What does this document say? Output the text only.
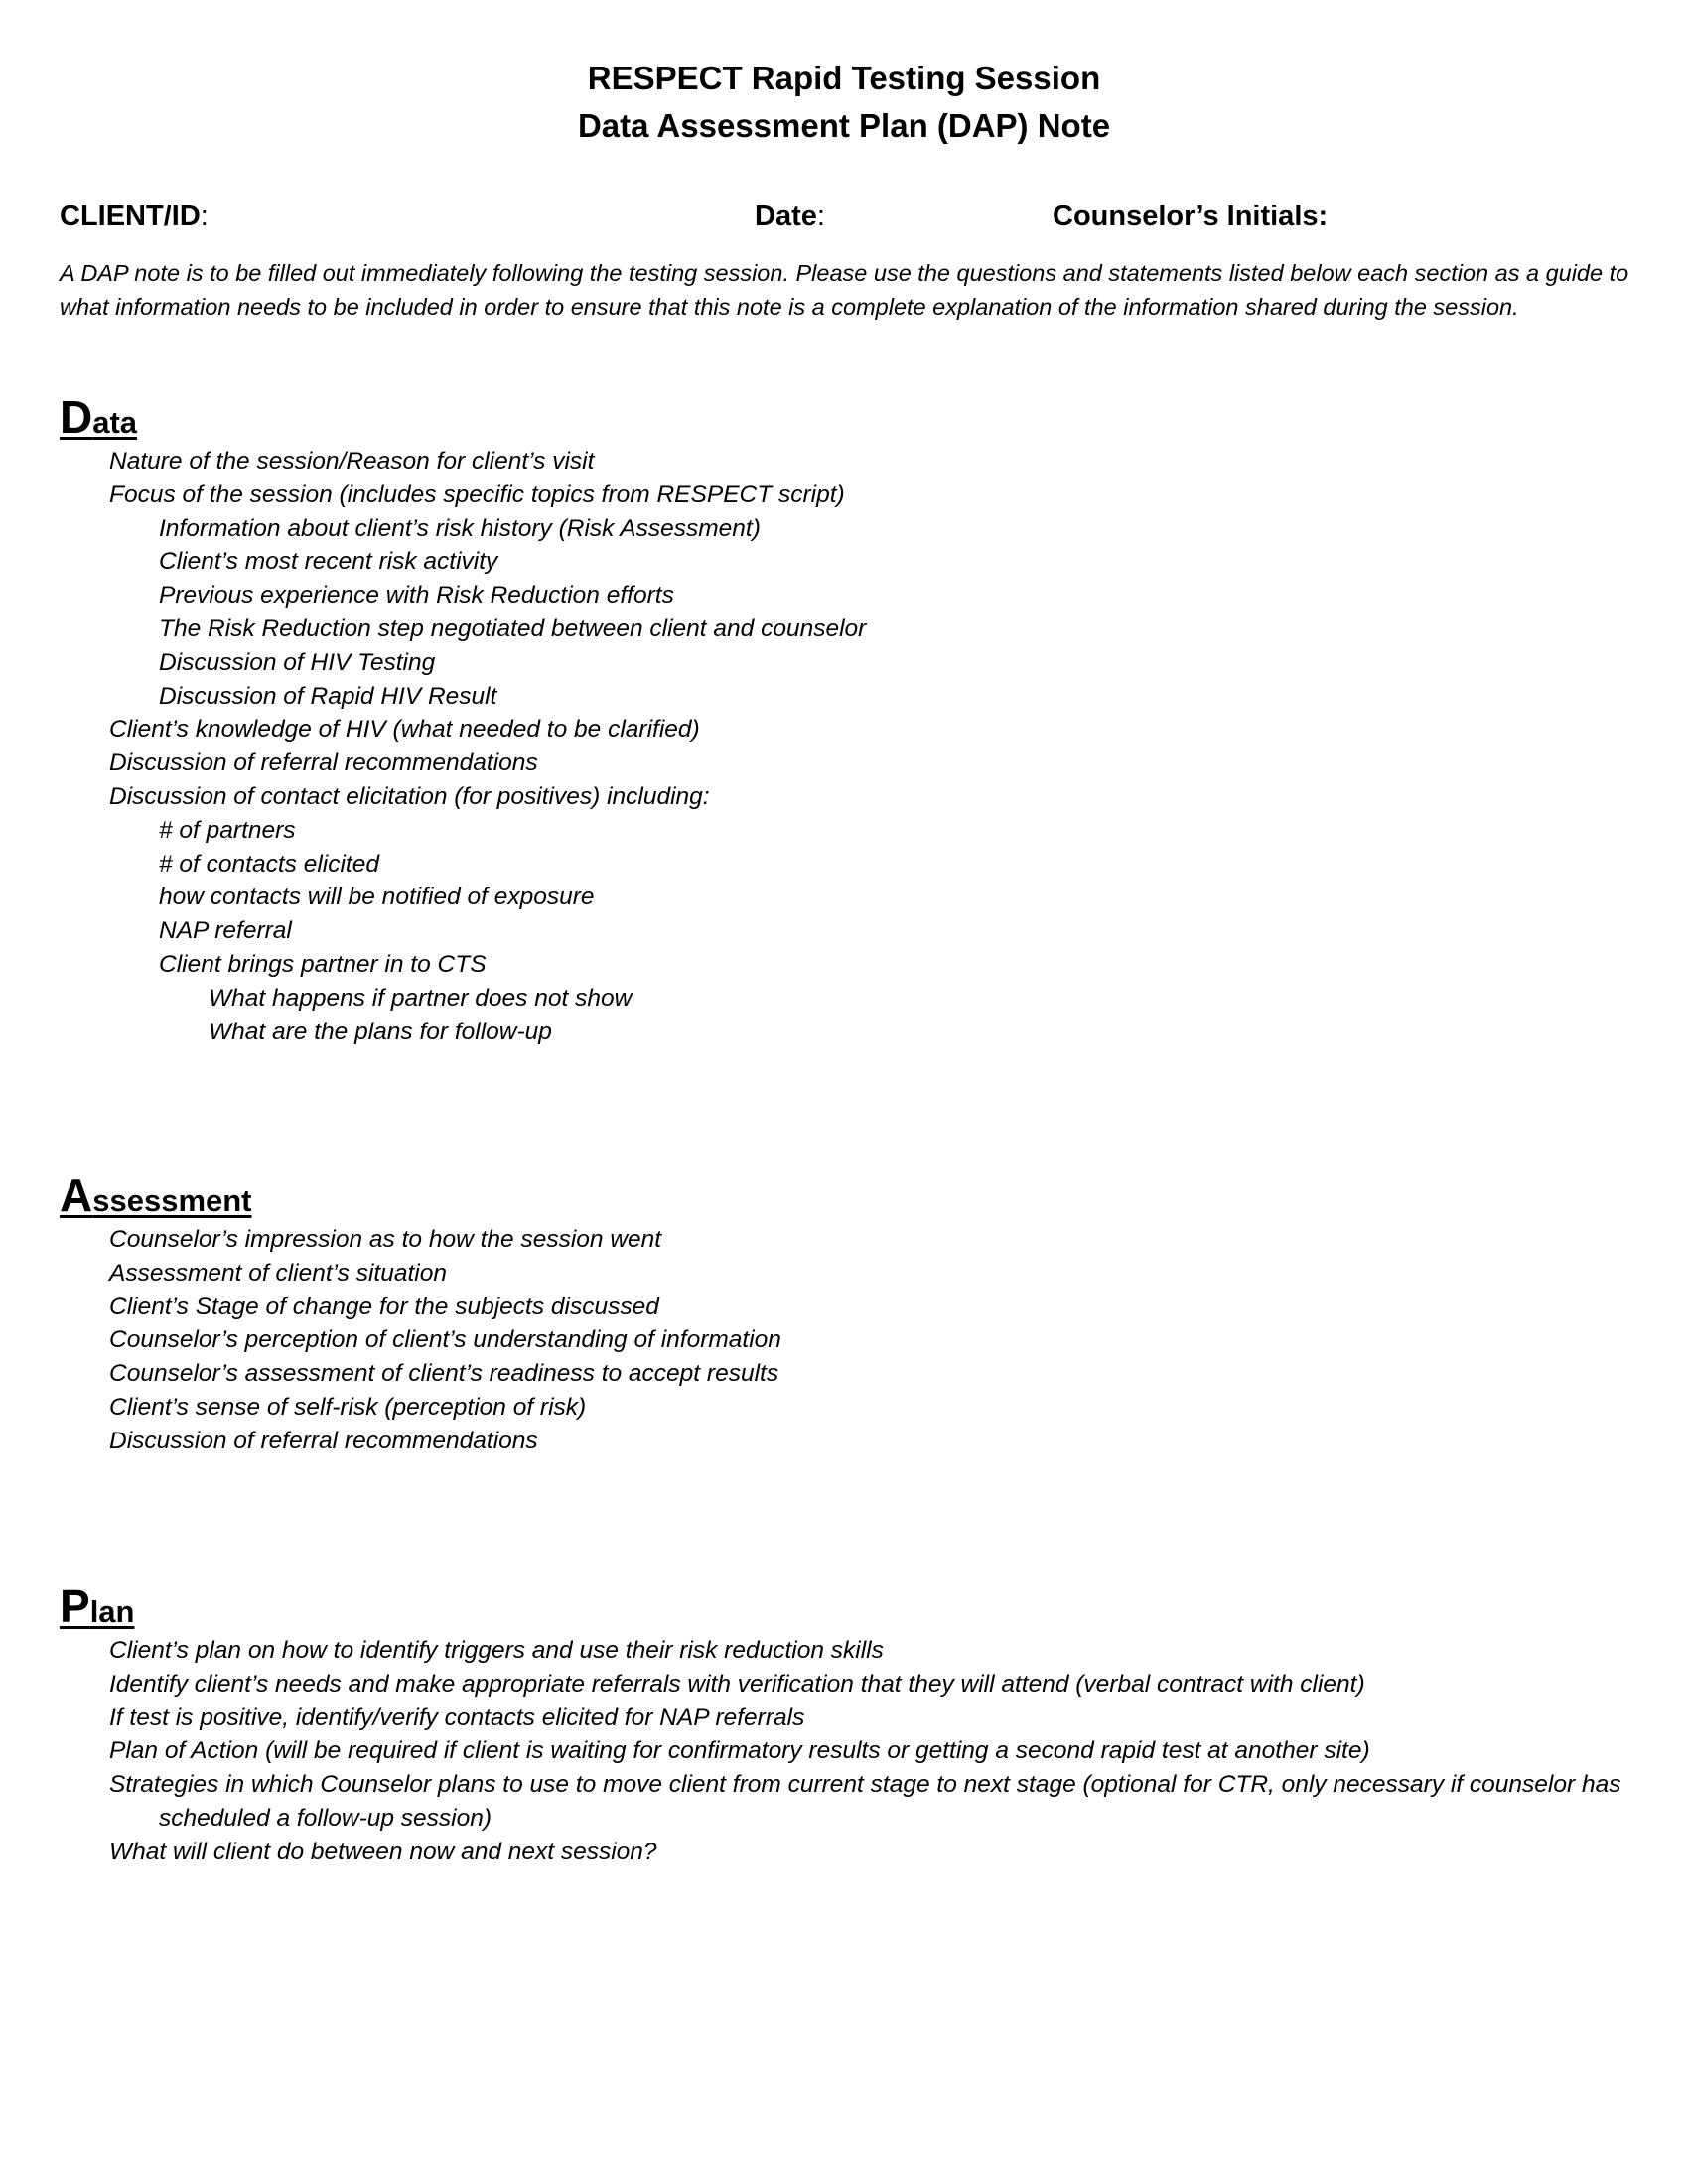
RESPECT Rapid Testing Session
Data Assessment Plan (DAP) Note
CLIENT/ID:	Date:	Counselor’s Initials:
A DAP note is to be filled out immediately following the testing session. Please use the questions and statements listed below each section as a guide to what information needs to be included in order to ensure that this note is a complete explanation of the information shared during the session.
Data
Nature of the session/Reason for client’s visit
Focus of the session (includes specific topics from RESPECT script)
Information about client’s risk history (Risk Assessment)
Client’s most recent risk activity
Previous experience with Risk Reduction efforts
The Risk Reduction step negotiated between client and counselor
Discussion of HIV Testing
Discussion of Rapid HIV Result
Client’s knowledge of HIV (what needed to be clarified)
Discussion of referral recommendations
Discussion of contact elicitation (for positives) including:
# of partners
# of contacts elicited
how contacts will be notified of exposure
NAP referral
Client brings partner in to CTS
What happens if partner does not show
What are the plans for follow-up
Assessment
Counselor’s impression as to how the session went
Assessment of client’s situation
Client’s Stage of change for the subjects discussed
Counselor’s perception of client’s understanding of information
Counselor’s assessment of client’s readiness to accept results
Client’s sense of self-risk (perception of risk)
Discussion of referral recommendations
Plan
Client’s plan on how to identify triggers and use their risk reduction skills
Identify client’s needs and make appropriate referrals with verification that they will attend (verbal contract with client)
If test is positive, identify/verify contacts elicited for NAP referrals
Plan of Action (will be required if client is waiting for confirmatory results or getting a second rapid test at another site)
Strategies in which Counselor plans to use to move client from current stage to next stage (optional for CTR, only necessary if counselor has scheduled a follow-up session)
What will client do between now and next session?
